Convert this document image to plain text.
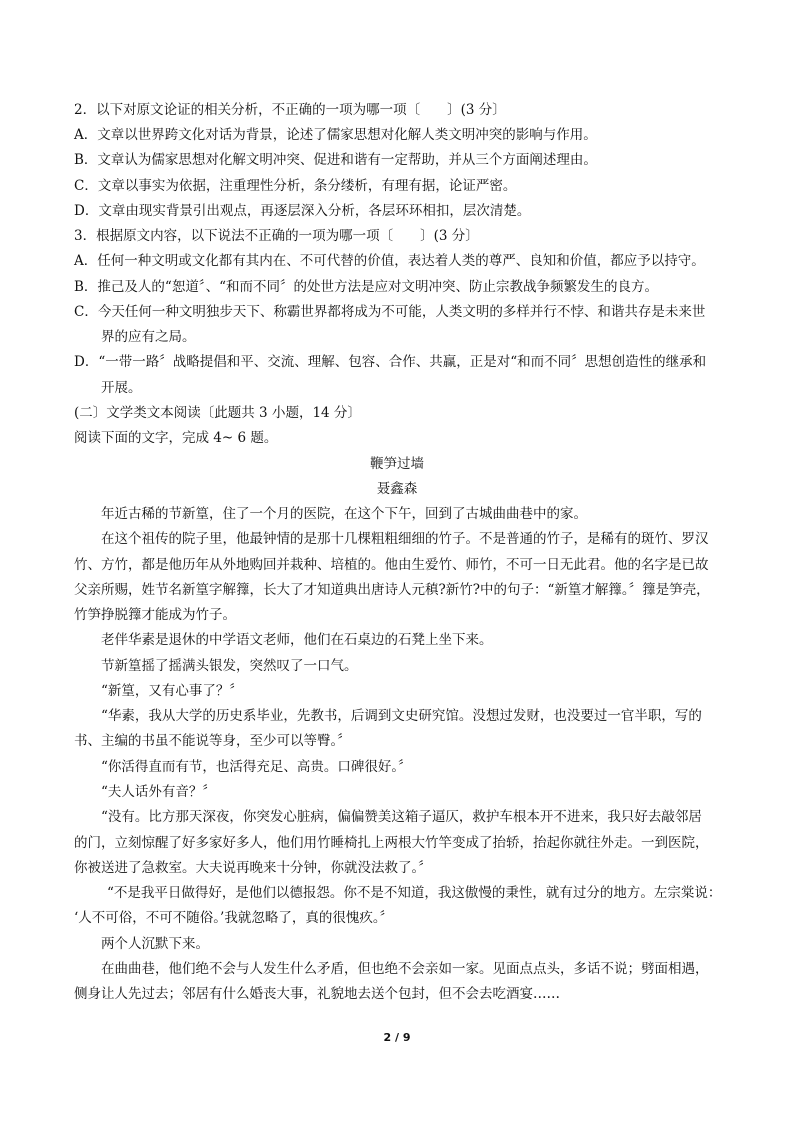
2．以下对原文论证的相关分析，不正确的一项为哪一项〔　　〕(3 分〕
A．文章以世界跨文化对话为背景，论述了儒家思想对化解人类文明冲突的影响与作用。
B．文章认为儒家思想对化解文明冲突、促进和谐有一定帮助，并从三个方面阐述理由。
C．文章以事实为依据，注重理性分析，条分缕析，有理有据，论证严密。
D．文章由现实背景引出观点，再逐层深入分析，各层环环相扣，层次清楚。
3．根据原文内容，以下说法不正确的一项为哪一项〔　　〕(3 分〕
A．任何一种文明或文化都有其内在、不可代替的价值，表达着人类的尊严、良知和价值，都应予以持守。
B．推己及人的“恕道〞、“和而不同〞的处世方法是应对文明冲突、防止宗教战争频繁发生的良方。
C．今天任何一种文明独步天下、称霸世界都将成为不可能，人类文明的多样并行不悖、和谐共存是未来世
界的应有之局。
D．“一带一路〞战略提倡和平、交流、理解、包容、合作、共赢，正是对“和而不同〞思想创造性的继承和
开展。
(二〕文学类文本阅读〔此题共 3 小题，14 分〕
阅读下面的文字，完成 4~ 6 题。
鞭笋过墙
聂鑫森
年近古稀的节新篁，住了一个月的医院，在这个下午，回到了古城曲曲巷中的家。
在这个祖传的院子里，他最钟情的是那十几棵粗粗细细的竹子。不是普通的竹子，是稀有的斑竹、罗汉
竹、方竹，都是他历年从外地购回并栽种、培植的。他由生爱竹、师竹，不可一日无此君。他的名字是已故
父亲所赐，姓节名新篁字解籜，长大了才知道典出唐诗人元稹?新竹?中的句子：“新篁才解籜。〞籜是笋壳，
竹笋挣脱籜才能成为竹子。
老伴华素是退休的中学语文老师，他们在石桌边的石凳上坐下来。
节新篁摇了摇满头银发，突然叹了一口气。
“新篁，又有心事了？〞
“华素，我从大学的历史系毕业，先教书，后调到文史研究馆。没想过发财，也没要过一官半职，写的
书、主编的书虽不能说等身，至少可以等臀。〞
“你活得直而有节，也活得充足、高贵。口碑很好。〞
“夫人话外有音？〞
“没有。比方那天深夜，你突发心脏病，偏偏赞美这箱子逼仄，救护车根本开不进来，我只好去敲邻居
的门，立刻惊醒了好多家好多人，他们用竹睡椅扎上两根大竹竿变成了抬轿，抬起你就往外走。一到医院，
你被送进了急救室。大夫说再晚来十分钟，你就没法救了。〞
“不是我平日做得好，是他们以德报怨。你不是不知道，我这傲慢的秉性，就有过分的地方。左宗棠说：
‘人不可俗，不可不随俗。’我就忽略了，真的很愧疚。〞
两个人沉默下来。
在曲曲巷，他们绝不会与人发生什么矛盾，但也绝不会亲如一家。见面点点头，多话不说；劈面相遇，
侧身让人先过去；邻居有什么婚丧大事，礼貌地去送个包封，但不会去吃酒宴……
2 / 9
